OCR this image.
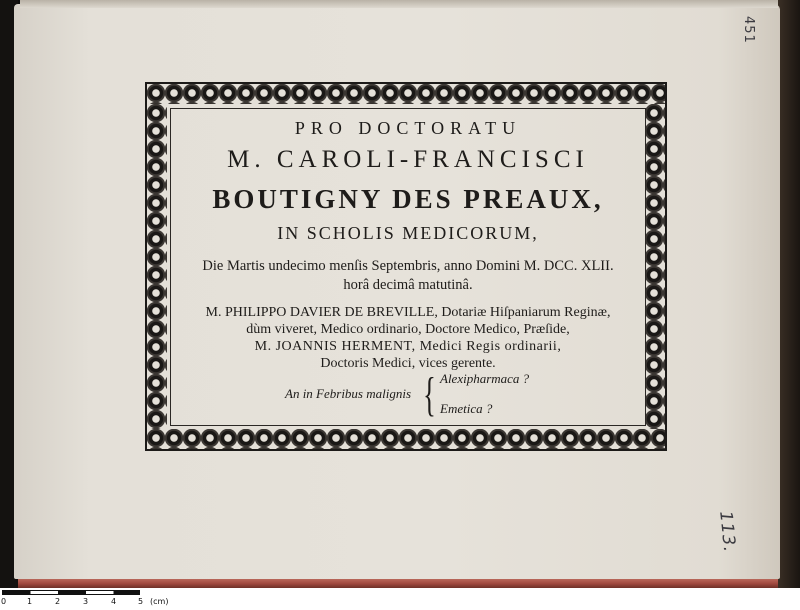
451
113.
PRO DOCTORATU
M. CAROLI-FRANCISCI
BOUTIGNY DES PREAUX,
IN SCHOLIS MEDICORUM,
Die Martis undecimo menſis Septembris, anno Domini M. DCC. XLII.
horâ decimâ matutinâ.
M. PHILIPPO DAVIER DE BREVILLE, Dotariæ Hiſpaniarum Reginæ,
dùm viveret, Medico ordinario, Doctore Medico, Præſide,
M. JOANNIS HERMENT, Medici Regis ordinarii,
Doctoris Medici, vices gerente.
An in Febribus malignis { Alexipharmaca ?
Emetica ?
0	1	2	3	4	5 (cm)
